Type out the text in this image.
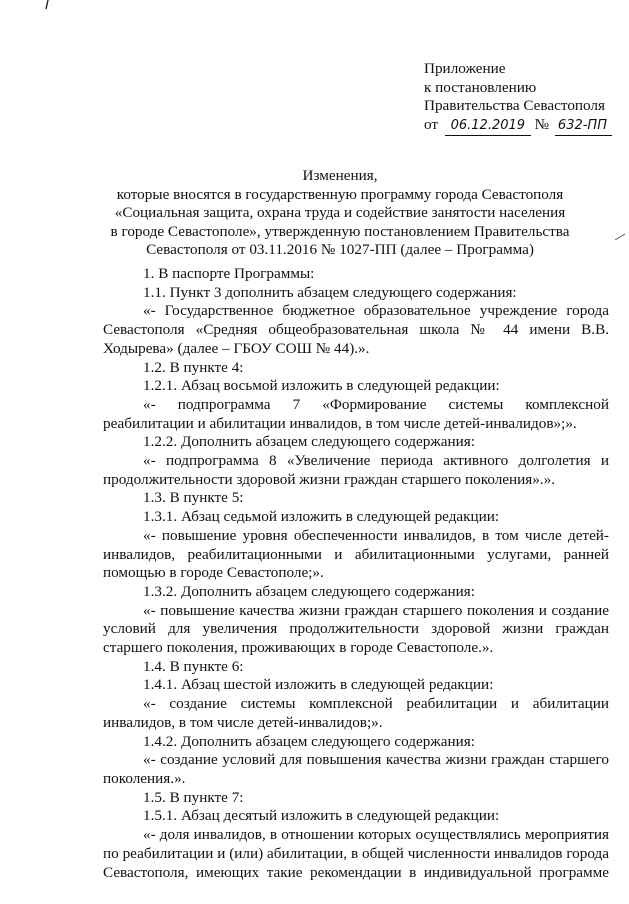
Приложение
к постановлению
Правительства Севастополя
от 06.12.2019 № 632-ПП
Изменения,
которые вносятся в государственную программу города Севастополя
«Социальная защита, охрана труда и содействие занятости населения
в городе Севастополе», утвержденную постановлением Правительства
Севастополя от 03.11.2016 № 1027-ПП (далее – Программа)
1. В паспорте Программы:
1.1. Пункт 3 дополнить абзацем следующего содержания:
«- Государственное бюджетное образовательное учреждение города Севастополя «Средняя общеобразовательная школа № 44 имени В.В. Ходырева» (далее – ГБОУ СОШ № 44).».
1.2. В пункте 4:
1.2.1. Абзац восьмой изложить в следующей редакции:
«- подпрограмма 7 «Формирование системы комплексной реабилитации и абилитации инвалидов, в том числе детей-инвалидов»;».
1.2.2. Дополнить абзацем следующего содержания:
«- подпрограмма 8 «Увеличение периода активного долголетия и продолжительности здоровой жизни граждан старшего поколения».».
1.3. В пункте 5:
1.3.1. Абзац седьмой изложить в следующей редакции:
«- повышение уровня обеспеченности инвалидов, в том числе детей-инвалидов, реабилитационными и абилитационными услугами, ранней помощью в городе Севастополе;».
1.3.2. Дополнить абзацем следующего содержания:
«- повышение качества жизни граждан старшего поколения и создание условий для увеличения продолжительности здоровой жизни граждан старшего поколения, проживающих в городе Севастополе.».
1.4. В пункте 6:
1.4.1. Абзац шестой изложить в следующей редакции:
«- создание системы комплексной реабилитации и абилитации инвалидов, в том числе детей-инвалидов;».
1.4.2. Дополнить абзацем следующего содержания:
«- создание условий для повышения качества жизни граждан старшего поколения.».
1.5. В пункте 7:
1.5.1. Абзац десятый изложить в следующей редакции:
«- доля инвалидов, в отношении которых осуществлялись мероприятия по реабилитации и (или) абилитации, в общей численности инвалидов города Севастополя, имеющих такие рекомендации в индивидуальной программе
